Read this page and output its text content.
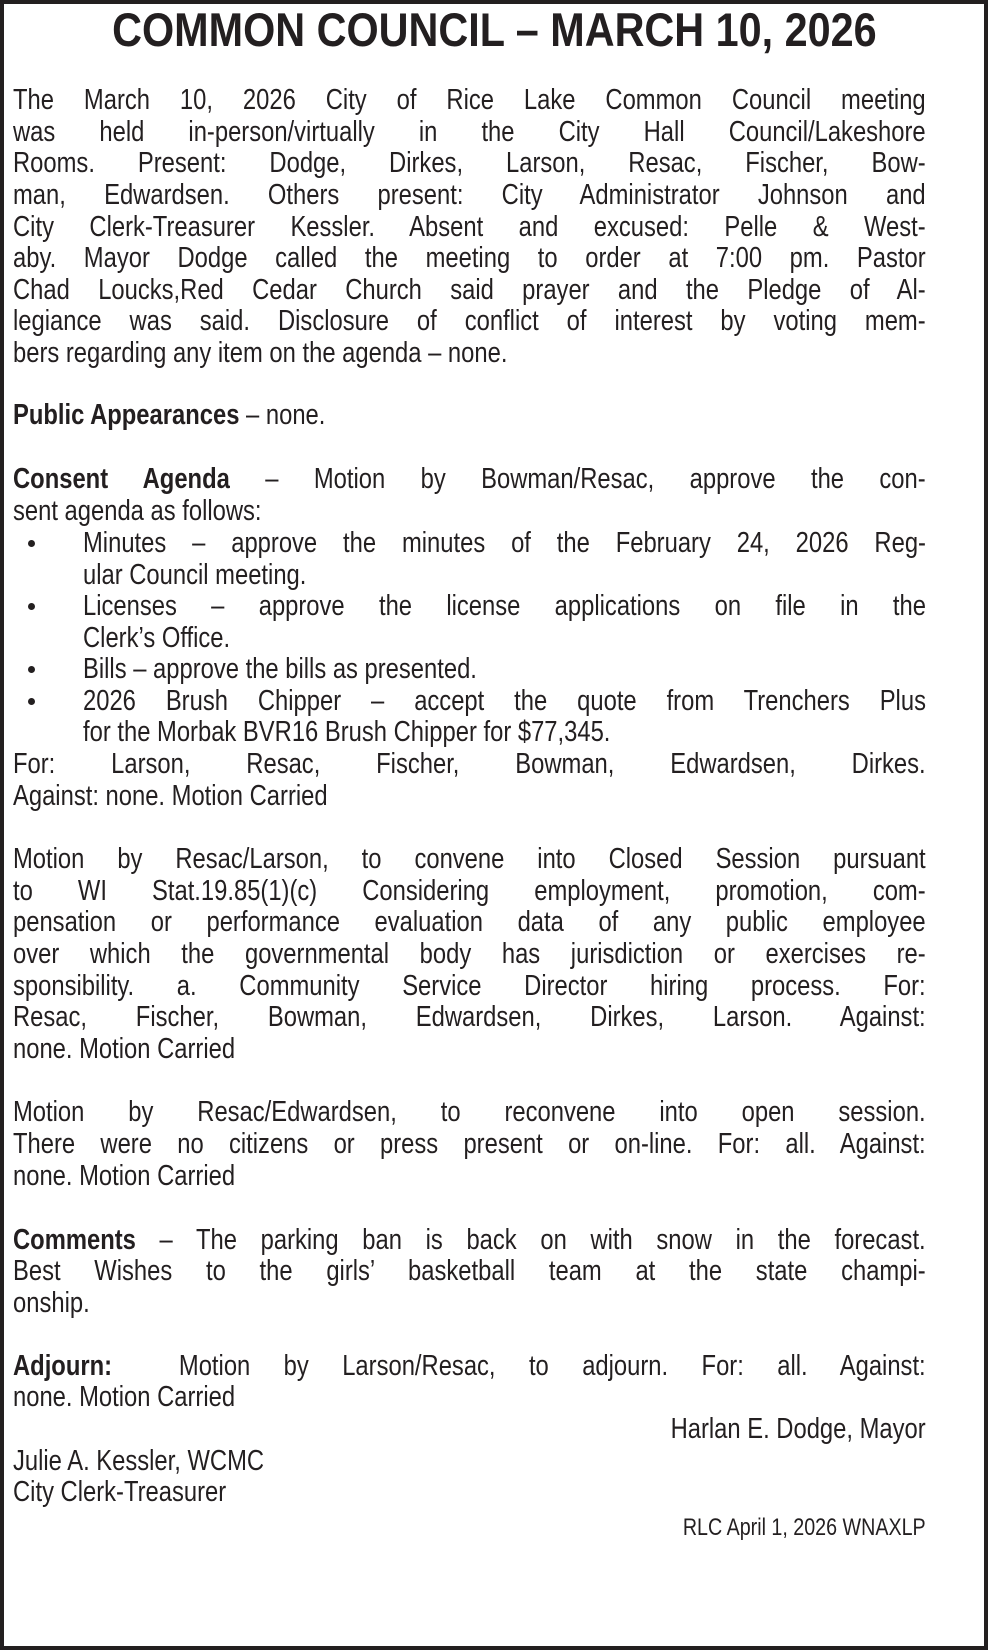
COMMON COUNCIL – MARCH 10, 2026
The March 10, 2026 City of Rice Lake Common Council meeting
was held in-person/virtually in the City Hall Council/Lakeshore
Rooms. Present: Dodge, Dirkes, Larson, Resac, Fischer, Bow-
man, Edwardsen. Others present: City Administrator Johnson and
City Clerk-Treasurer Kessler. Absent and excused: Pelle & West-
aby. Mayor Dodge called the meeting to order at 7:00 pm. Pastor
Chad Loucks,Red Cedar Church said prayer and the Pledge of Al-
legiance was said. Disclosure of conflict of interest by voting mem-
bers regarding any item on the agenda – none.
Public Appearances – none.
Consent Agenda – Motion by Bowman/Resac, approve the con-
sent agenda as follows:
Minutes – approve the minutes of the February 24, 2026 Reg-
ular Council meeting.
Licenses – approve the license applications on file in the
Clerk’s Office.
Bills – approve the bills as presented.
2026 Brush Chipper – accept the quote from Trenchers Plus
for the Morbak BVR16 Brush Chipper for $77,345.
For: Larson, Resac, Fischer, Bowman, Edwardsen, Dirkes.
Against: none. Motion Carried
Motion by Resac/Larson, to convene into Closed Session pursuant
to WI Stat.19.85(1)(c) Considering employment, promotion, com-
pensation or performance evaluation data of any public employee
over which the governmental body has jurisdiction or exercises re-
sponsibility. a. Community Service Director hiring process. For:
Resac, Fischer, Bowman, Edwardsen, Dirkes, Larson. Against:
none. Motion Carried
Motion by Resac/Edwardsen, to reconvene into open session.
There were no citizens or press present or on-line. For: all. Against:
none. Motion Carried
Comments – The parking ban is back on with snow in the forecast.
Best Wishes to the girls’ basketball team at the state champi-
onship.
Adjourn:  Motion by Larson/Resac, to adjourn. For: all. Against:
none. Motion Carried
Harlan E. Dodge, Mayor
Julie A. Kessler, WCMC
City Clerk-Treasurer
RLC April 1, 2026 WNAXLP
